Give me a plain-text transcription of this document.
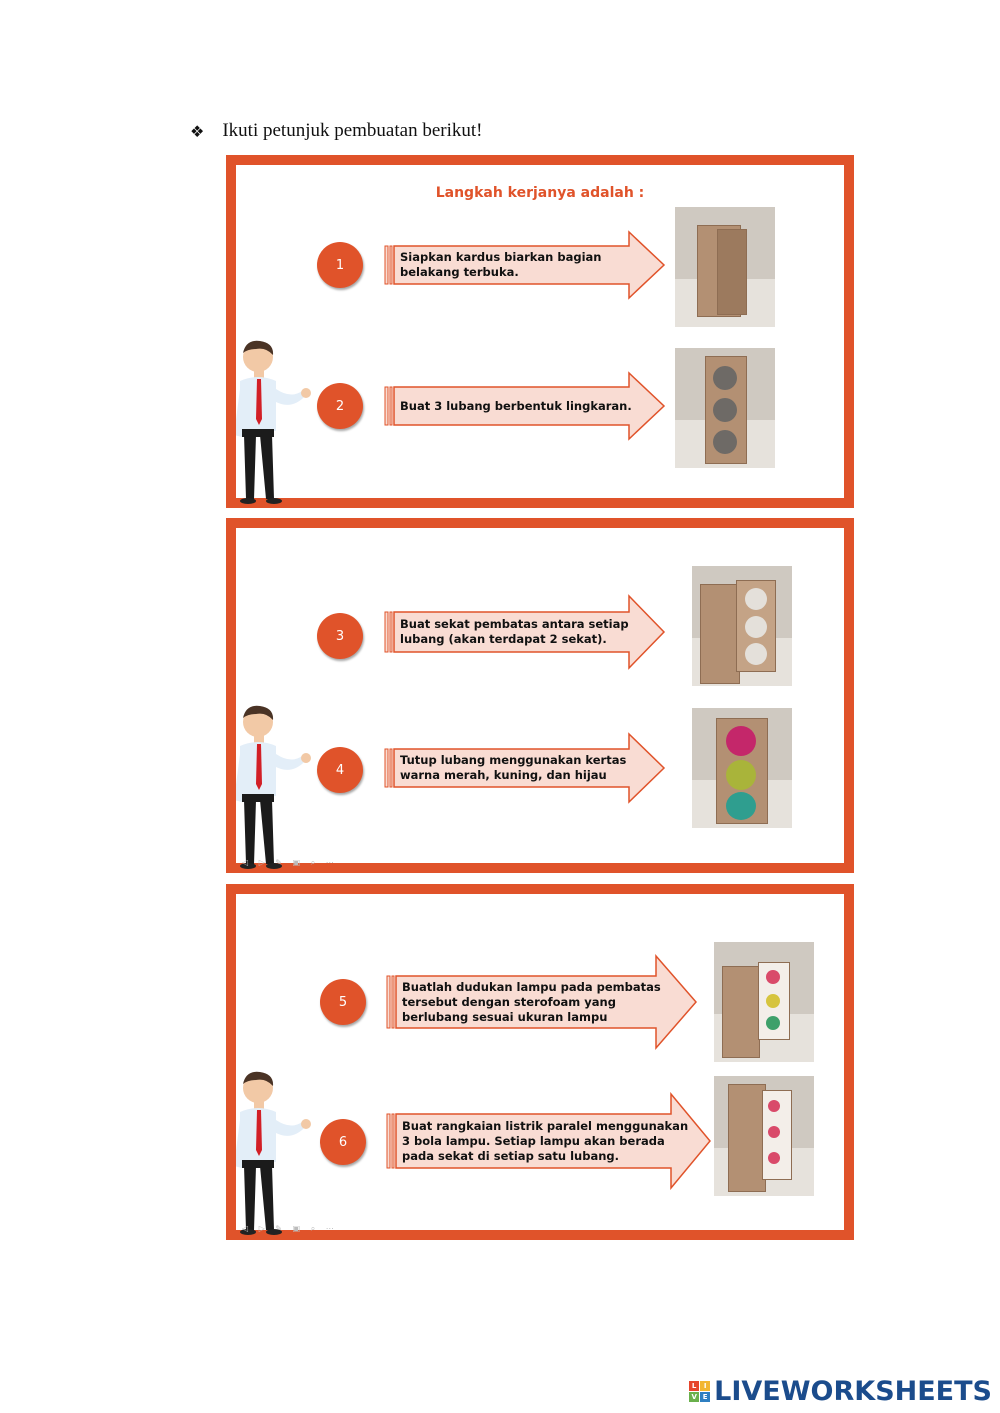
❖ Ikuti petunjuk pembuatan berikut!
Langkah kerjanya adalah :
1
Siapkan kardus biarkan bagian
belakang terbuka.
2	Buat 3 lubang berbentuk lingkaran.
3
Buat sekat pembatas antara setiap
lubang (akan terdapat 2 sekat).
4
Tutup lubang menggunakan kertas
warna merah, kuning, dan hijau
◁ ▷ ✎ ▣ ⌕ ⋯
5
Buatlah dudukan lampu pada pembatas
tersebut dengan sterofoam yang
berlubang sesuai ukuran lampu
6
Buat rangkaian listrik paralel menggunakan
3 bola lampu. Setiap lampu akan berada
pada sekat di setiap satu lubang.
◁ ▷ ✎ ▣ ⌕ ⋯
L	I
V E LIVEWORKSHEETS
